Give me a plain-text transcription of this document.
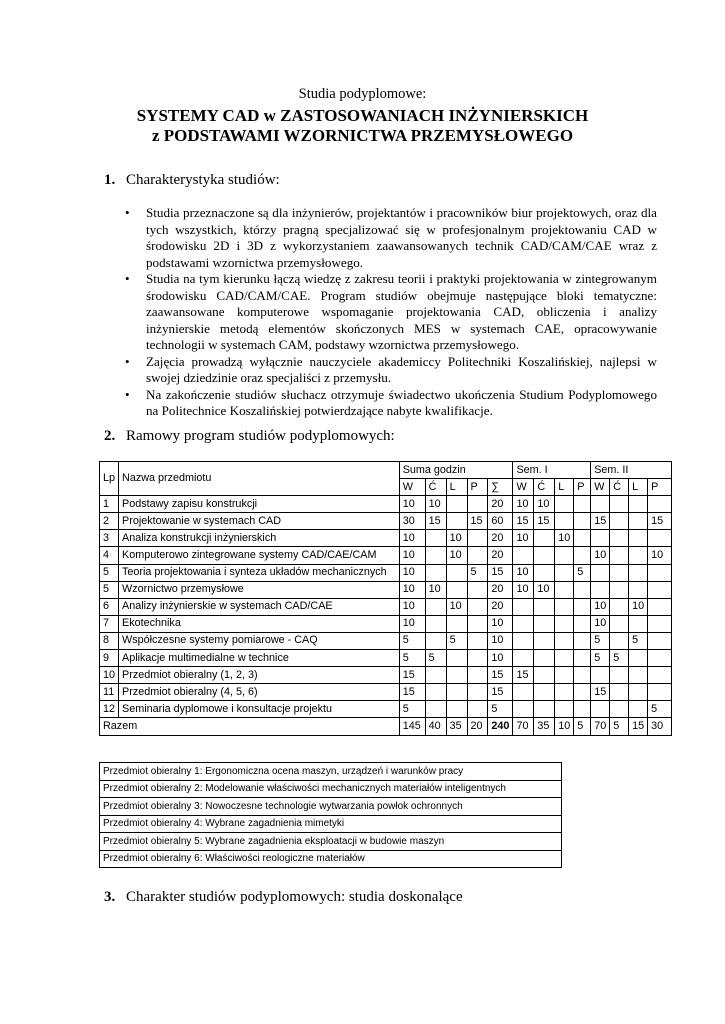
Studia podyplomowe:
SYSTEMY CAD w ZASTOSOWANIACH INŻYNIERSKICH
z PODSTAWAMI WZORNICTWA PRZEMYSŁOWEGO
1. Charakterystyka studiów:
• Studia przeznaczone są dla inżynierów, projektantów i pracowników biur projektowych, oraz dla tych wszystkich, którzy pragną specjalizować się w profesjonalnym projektowaniu CAD w środowisku 2D i 3D z wykorzystaniem zaawansowanych technik CAD/CAM/CAE wraz z podstawami wzornictwa przemysłowego.
• Studia na tym kierunku łączą wiedzę z zakresu teorii i praktyki projektowania w zintegrowanym środowisku CAD/CAM/CAE. Program studiów obejmuje następujące bloki tematyczne: zaawansowane komputerowe wspomaganie projektowania CAD, obliczenia i analizy inżynierskie metodą elementów skończonych MES w systemach CAE, opracowywanie technologii w systemach CAM, podstawy wzornictwa przemysłowego.
• Zajęcia prowadzą wyłącznie nauczyciele akademiccy Politechniki Koszalińskiej, najlepsi w swojej dziedzinie oraz specjaliści z przemysłu.
• Na zakończenie studiów słuchacz otrzymuje świadectwo ukończenia Studium Podyplomowego na Politechnice Koszalińskiej potwierdzające nabyte kwalifikacje.
2. Ramowy program studiów podyplomowych:
Lp	Nazwa przedmiotu	Suma godzin					Sem. I				Sem. II			
		W	Ć	L	P	∑	W	Ć	L	P	W	Ć	L	P
1	Podstawy zapisu konstrukcji	10	10			20	10	10						
2	Projektowanie w systemach CAD	30	15		15	60	15	15			15			15
3	Analiza konstrukcji inżynierskich	10		10		20	10		10					
4	Komputerowo zintegrowane systemy CAD/CAE/CAM	10		10		20					10			10
5	Teoria projektowania i synteza układów mechanicznych	10			5	15	10			5				
5	Wzornictwo przemysłowe	10	10			20	10	10						
6	Analizy inżynierskie w systemach CAD/CAE	10		10		20					10		10	
7	Ekotechnika	10				10					10			
8	Współczesne systemy pomiarowe - CAQ	5		5		10					5		5	
9	Aplikacje multimedialne w technice	5	5			10					5	5		
10	Przedmiot obieralny (1, 2, 3)	15				15	15							
11	Przedmiot obieralny (4, 5, 6)	15				15					15			
12	Seminaria dyplomowe i konsultacje projektu	5				5								5
Razem		145	40	35	20	240	70	35	10	5	70	5	15	30
Przedmiot obieralny 1: Ergonomiczna ocena maszyn, urządzeń i warunków pracy
Przedmiot obieralny 2: Modelowanie właściwości mechanicznych materiałów inteligentnych
Przedmiot obieralny 3: Nowoczesne technologie wytwarzania powłok ochronnych
Przedmiot obieralny 4: Wybrane zagadnienia mimetyki
Przedmiot obieralny 5: Wybrane zagadnienia eksploatacji w budowie maszyn
Przedmiot obieralny 6: Właściwości reologiczne materiałów
3. Charakter studiów podyplomowych: studia doskonalące
